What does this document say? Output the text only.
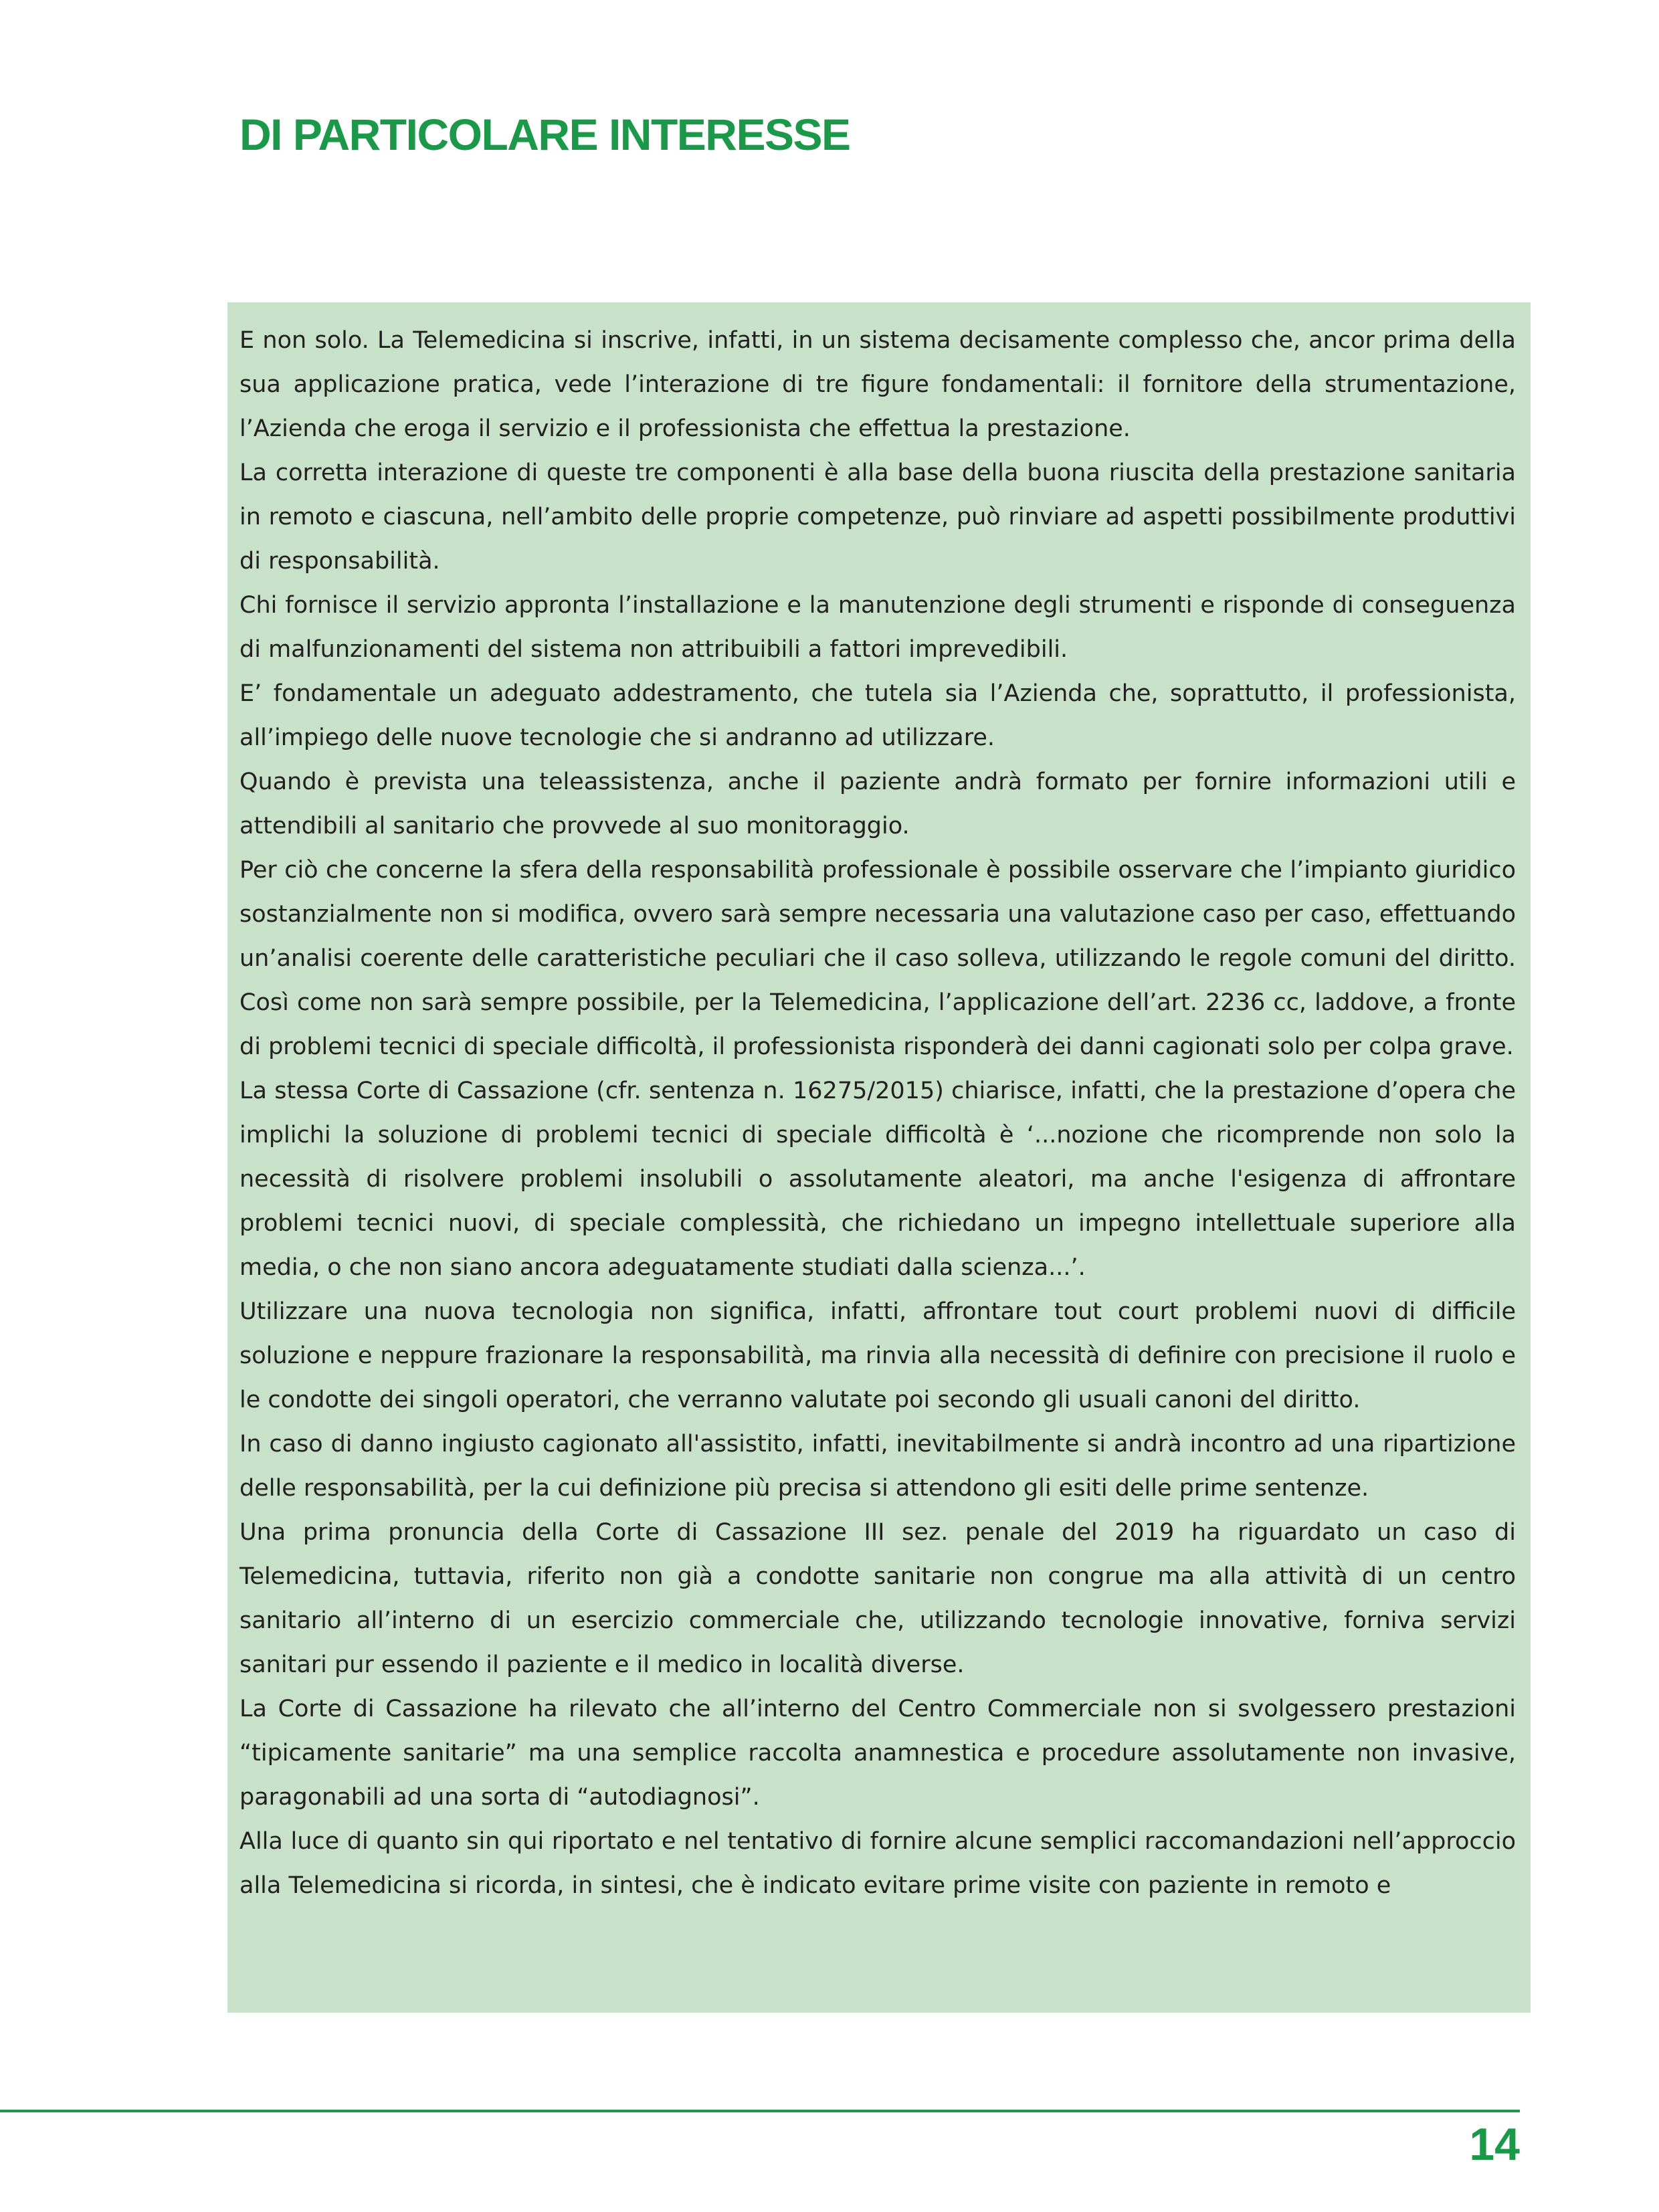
DI PARTICOLARE INTERESSE

E non solo. La Telemedicina si inscrive, infatti, in un sistema decisamente complesso che, ancor prima della sua applicazione pratica, vede l’interazione di tre figure fondamentali: il fornitore della strumentazione, l’Azienda che eroga il servizio e il professionista che effettua la prestazione.

La corretta interazione di queste tre componenti è alla base della buona riuscita della prestazione sanitaria in remoto e ciascuna, nell’ambito delle proprie competenze, può rinviare ad aspetti possibilmente produttivi di responsabilità.

Chi fornisce il servizio appronta l’installazione e la manutenzione degli strumenti e risponde di conseguenza di malfunzionamenti del sistema non attribuibili a fattori imprevedibili.

E’ fondamentale un adeguato addestramento, che tutela sia l’Azienda che, soprattutto, il professionista, all’impiego delle nuove tecnologie che si andranno ad utilizzare.

Quando è prevista una teleassistenza, anche il paziente andrà formato per fornire informazioni utili e attendibili al sanitario che provvede al suo monitoraggio.

Per ciò che concerne la sfera della responsabilità professionale è possibile osservare che l’impianto giuridico sostanzialmente non si modifica, ovvero sarà sempre necessaria una valutazione caso per caso, effettuando un’analisi coerente delle caratteristiche peculiari che il caso solleva, utilizzando le regole comuni del diritto. Così come non sarà sempre possibile, per la Telemedicina, l’applicazione dell’art. 2236 cc, laddove, a fronte di problemi tecnici di speciale difficoltà, il professionista risponderà dei danni cagionati solo per colpa grave.

La stessa Corte di Cassazione (cfr. sentenza n. 16275/2015) chiarisce, infatti, che la prestazione d’opera che implichi la soluzione di problemi tecnici di speciale difficoltà è ‘...nozione che ricomprende non solo la necessità di risolvere problemi insolubili o assolutamente aleatori, ma anche l'esigenza di affrontare problemi tecnici nuovi, di speciale complessità, che richiedano un impegno intellettuale superiore alla media, o che non siano ancora adeguatamente studiati dalla scienza...’.

Utilizzare una nuova tecnologia non significa, infatti, affrontare tout court problemi nuovi di difficile soluzione e neppure frazionare la responsabilità, ma rinvia alla necessità di definire con precisione il ruolo e le condotte dei singoli operatori, che verranno valutate poi secondo gli usuali canoni del diritto.

In caso di danno ingiusto cagionato all'assistito, infatti, inevitabilmente si andrà incontro ad una ripartizione delle responsabilità, per la cui definizione più precisa si attendono gli esiti delle prime sentenze.

Una prima pronuncia della Corte di Cassazione III sez. penale del 2019 ha riguardato un caso di Telemedicina, tuttavia, riferito non già a condotte sanitarie non congrue ma alla attività di un centro sanitario all’interno di un esercizio commerciale che, utilizzando tecnologie innovative, forniva servizi sanitari pur essendo il paziente e il medico in località diverse.

La Corte di Cassazione ha rilevato che all’interno del Centro Commerciale non si svolgessero prestazioni “tipicamente sanitarie” ma una semplice raccolta anamnestica e procedure assolutamente non invasive, paragonabili ad una sorta di “autodiagnosi”.

Alla luce di quanto sin qui riportato e nel tentativo di fornire alcune semplici raccomandazioni nell’approccio alla Telemedicina si ricorda, in sintesi, che è indicato evitare prime visite con paziente in remoto e

14
